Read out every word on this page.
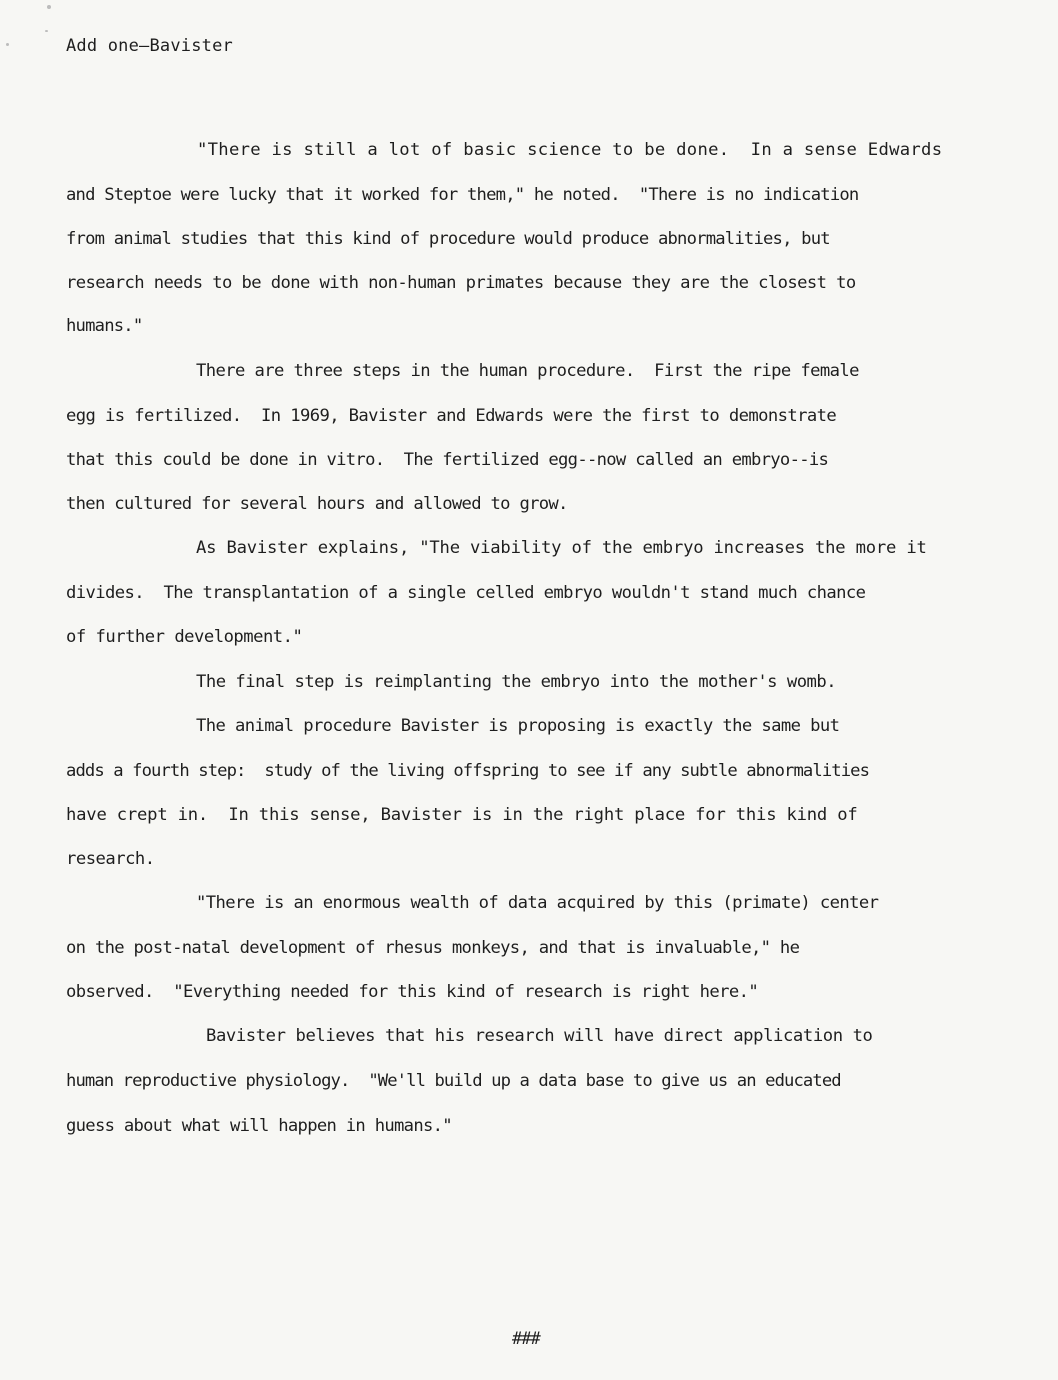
Add one—Bavister
"There is still a lot of basic science to be done.  In a sense Edwards
and Steptoe were lucky that it worked for them," he noted.  "There is no indication
from animal studies that this kind of procedure would produce abnormalities, but
research needs to be done with non-human primates because they are the closest to
humans."
There are three steps in the human procedure.  First the ripe female
egg is fertilized.  In 1969, Bavister and Edwards were the first to demonstrate
that this could be done in vitro.  The fertilized egg--now called an embryo--is
then cultured for several hours and allowed to grow.
As Bavister explains, "The viability of the embryo increases the more it
divides.  The transplantation of a single celled embryo wouldn't stand much chance
of further development."
The final step is reimplanting the embryo into the mother's womb.
The animal procedure Bavister is proposing is exactly the same but
adds a fourth step:  study of the living offspring to see if any subtle abnormalities
have crept in.  In this sense, Bavister is in the right place for this kind of
research.
"There is an enormous wealth of data acquired by this (primate) center
on the post-natal development of rhesus monkeys, and that is invaluable," he
observed.  "Everything needed for this kind of research is right here."
Bavister believes that his research will have direct application to
human reproductive physiology.  "We'll build up a data base to give us an educated
guess about what will happen in humans."
###
